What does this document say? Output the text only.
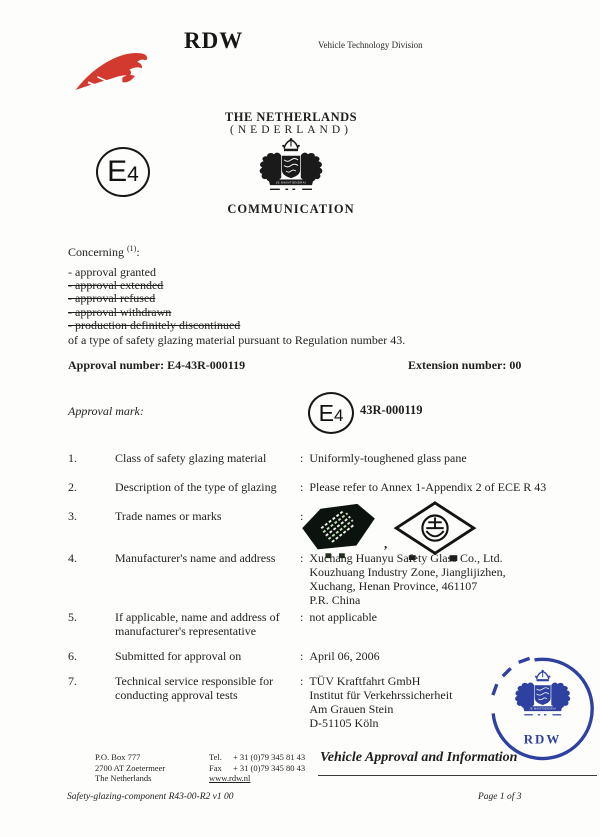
RDW	Vehicle Technology Division
THE NETHERLANDS
(NEDERLAND)
E 4
COMMUNICATION
Concerning $^{(1)}$:
- approval granted
- approval extended
- approval refused
- approval withdrawn
- production definitely discontinued
of a type of safety glazing material pursuant to Regulation number 43.
Approval number: E4-43R-000119	Extension number: 00
Approval mark:	E 4 43R-000119
1.	Class of safety glazing material	: Uniformly-toughened glass pane
2.	Description of the type of glazing	: Please refer to Annex 1-Appendix 2 of ECE R 43
3.	Trade names or marks	:
,
4.	Manufacturer's name and address	: Xuchang Huanyu Safety Glass Co., Ltd.
Kouzhuang Industry Zone, Jianglijizhen,
Xuchang, Henan Province, 461107
P.R. China
5.	If applicable, name and address of
manufacturer's representative
: not applicable
6.	Submitted for approval on	: April 06, 2006
7.	Technical service responsible for
conducting approval tests
: TÜV Kraftfahrt GmbH
Institut für Verkehrssicherheit
Am Grauen Stein
D-51105 Köln
RDW
P.O. Box 777
2700 AT Zoetermeer
The Netherlands
Tel. + 31 (0)79 345 81 43
Fax + 31 (0)79 345 80 43
www.rdw.nl
Vehicle Approval and Information
Safety-glazing-component R43-00-R2 v1 00	Page 1 of 3
